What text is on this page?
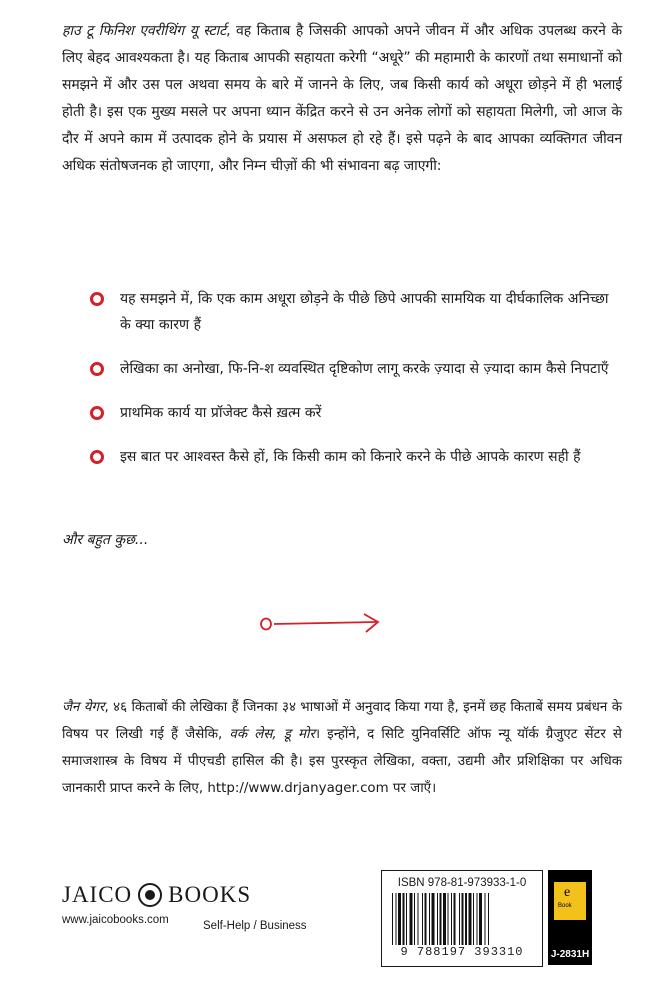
हाउ टू फिनिश एवरीथिंग यू स्टार्ट, वह किताब है जिसकी आपको अपने जीवन में और अधिक उपलब्ध करने के लिए बेहद आवश्यकता है। यह किताब आपकी सहायता करेगी “अधूरे” की महामारी के कारणों तथा समाधानों को समझने में और उस पल अथवा समय के बारे में जानने के लिए, जब किसी कार्य को अधूरा छोड़ने में ही भलाई होती है। इस एक मुख्य मसले पर अपना ध्यान केंद्रित करने से उन अनेक लोगों को सहायता मिलेगी, जो आज के दौर में अपने काम में उत्पादक होने के प्रयास में असफल हो रहे हैं। इसे पढ़ने के बाद आपका व्यक्तिगत जीवन अधिक संतोषजनक हो जाएगा, और निम्न चीज़ों की भी संभावना बढ़ जाएगी:
यह समझने में, कि एक काम अधूरा छोड़ने के पीछे छिपे आपकी सामयिक या दीर्घकालिक अनिच्छा के क्या कारण हैं
लेखिका का अनोखा, फि-नि-श व्यवस्थित दृष्टिकोण लागू करके ज़्यादा से ज़्यादा काम कैसे निपटाएँ
प्राथमिक कार्य या प्रॉजेक्ट कैसे ख़त्म करें
इस बात पर आश्वस्त कैसे हों, कि किसी काम को किनारे करने के पीछे आपके कारण सही हैं
और बहुत कुछ...
जैन येगर, ४६ किताबों की लेखिका हैं जिनका ३४ भाषाओं में अनुवाद किया गया है, इनमें छह किताबें समय प्रबंधन के विषय पर लिखी गई हैं जैसेकि, वर्क लेस, डू मोर। इन्होंने, द सिटि युनिवर्सिटि ऑफ न्यू यॉर्क ग्रैजुएट सेंटर से समाजशास्त्र के विषय में पीएचडी हासिल की है। इस पुरस्कृत लेखिका, वक्ता, उद्यमी और प्रशिक्षिका पर अधिक जानकारी प्राप्त करने के लिए, http://www.drjanyager.com पर जाएँ।
JAICO BOOKS
www.jaicobooks.com	Self-Help / Business
ISBN 978-81-973933-1-0
9 788197 393310
e
Book
J-2831H
